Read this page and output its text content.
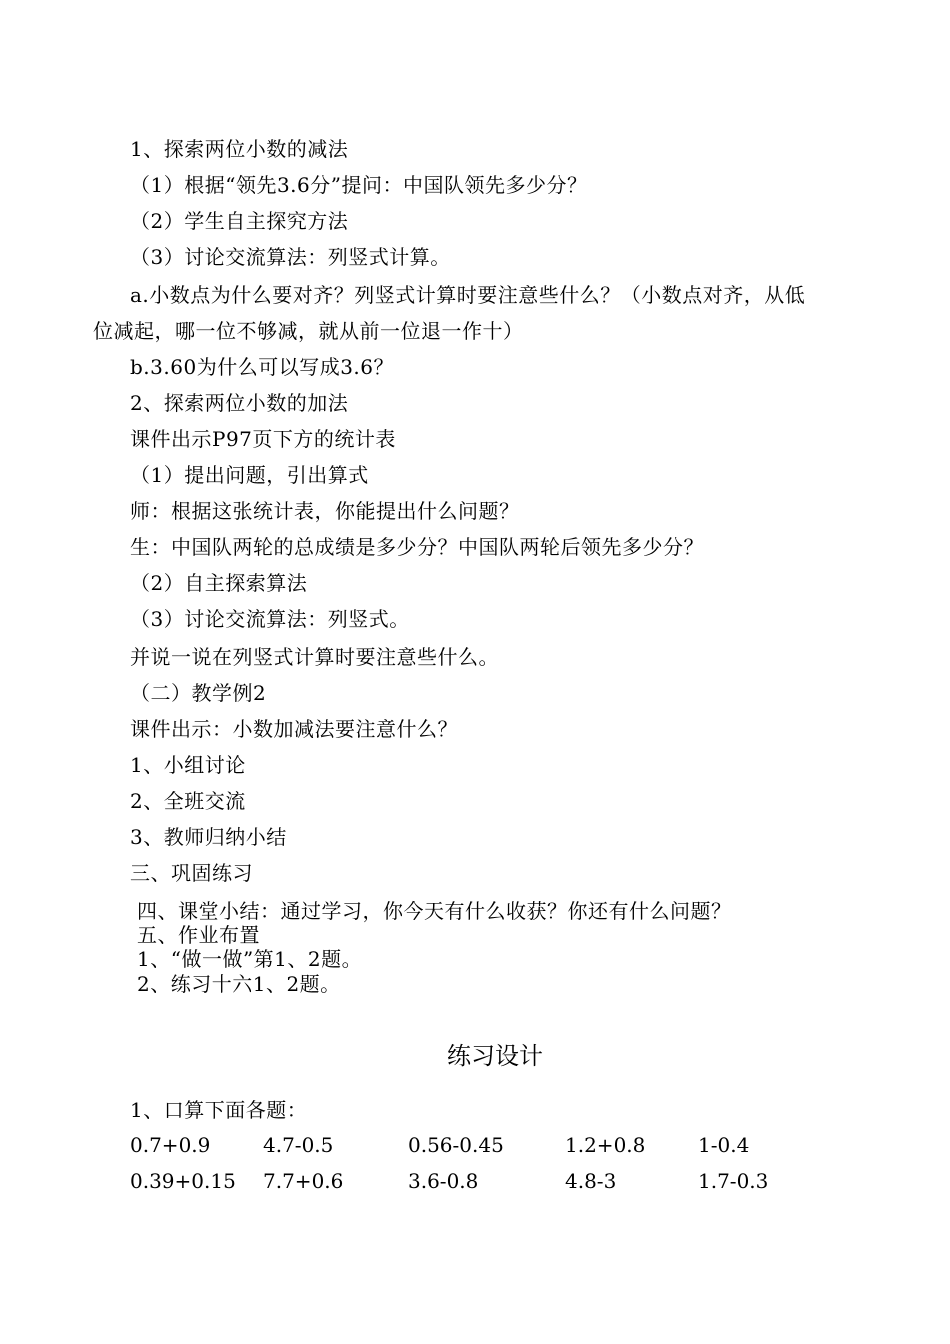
1、探索两位小数的减法
（1）根据“领先3.6分”提问：中国队领先多少分？
（2）学生自主探究方法
（3）讨论交流算法：列竖式计算。
a.小数点为什么要对齐？列竖式计算时要注意些什么？（小数点对齐，从低
位减起，哪一位不够减，就从前一位退一作十）
b.3.60为什么可以写成3.6？
2、探索两位小数的加法
课件出示P97页下方的统计表
（1）提出问题，引出算式
师：根据这张统计表，你能提出什么问题？
生：中国队两轮的总成绩是多少分？中国队两轮后领先多少分？
（2）自主探索算法
（3）讨论交流算法：列竖式。
并说一说在列竖式计算时要注意些什么。
（二）教学例2
课件出示：小数加减法要注意什么？
1、小组讨论
2、全班交流
3、教师归纳小结
三、巩固练习
四、课堂小结：通过学习，你今天有什么收获？你还有什么问题？
五、作业布置
1、“做一做”第1、2题。
2、练习十六1、2题。
练习设计
1、口算下面各题：
0.7+0.9	4.7-0.5	0.56-0.45	1.2+0.8	1-0.4
0.39+0.15 7.7+0.6	3.6-0.8	4.8-3	1.7-0.3
